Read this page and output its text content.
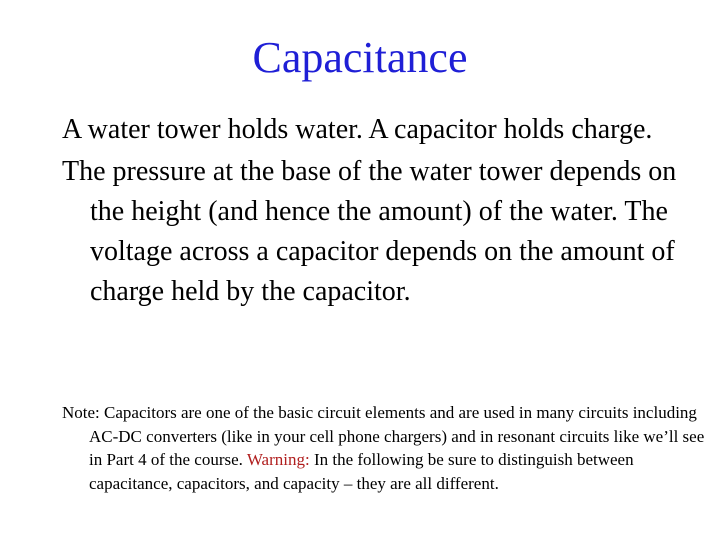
Capacitance

A water tower holds water. A capacitor holds charge.

The pressure at the base of the water tower depends on the height (and hence the amount) of the water. The voltage across a capacitor depends on the amount of charge held by the capacitor.

Note: Capacitors are one of the basic circuit elements and are used in many circuits including AC-DC converters (like in your cell phone chargers) and in resonant circuits like we’ll see in Part 4 of the course. Warning: In the following be sure to distinguish between capacitance, capacitors, and capacity – they are all different.
